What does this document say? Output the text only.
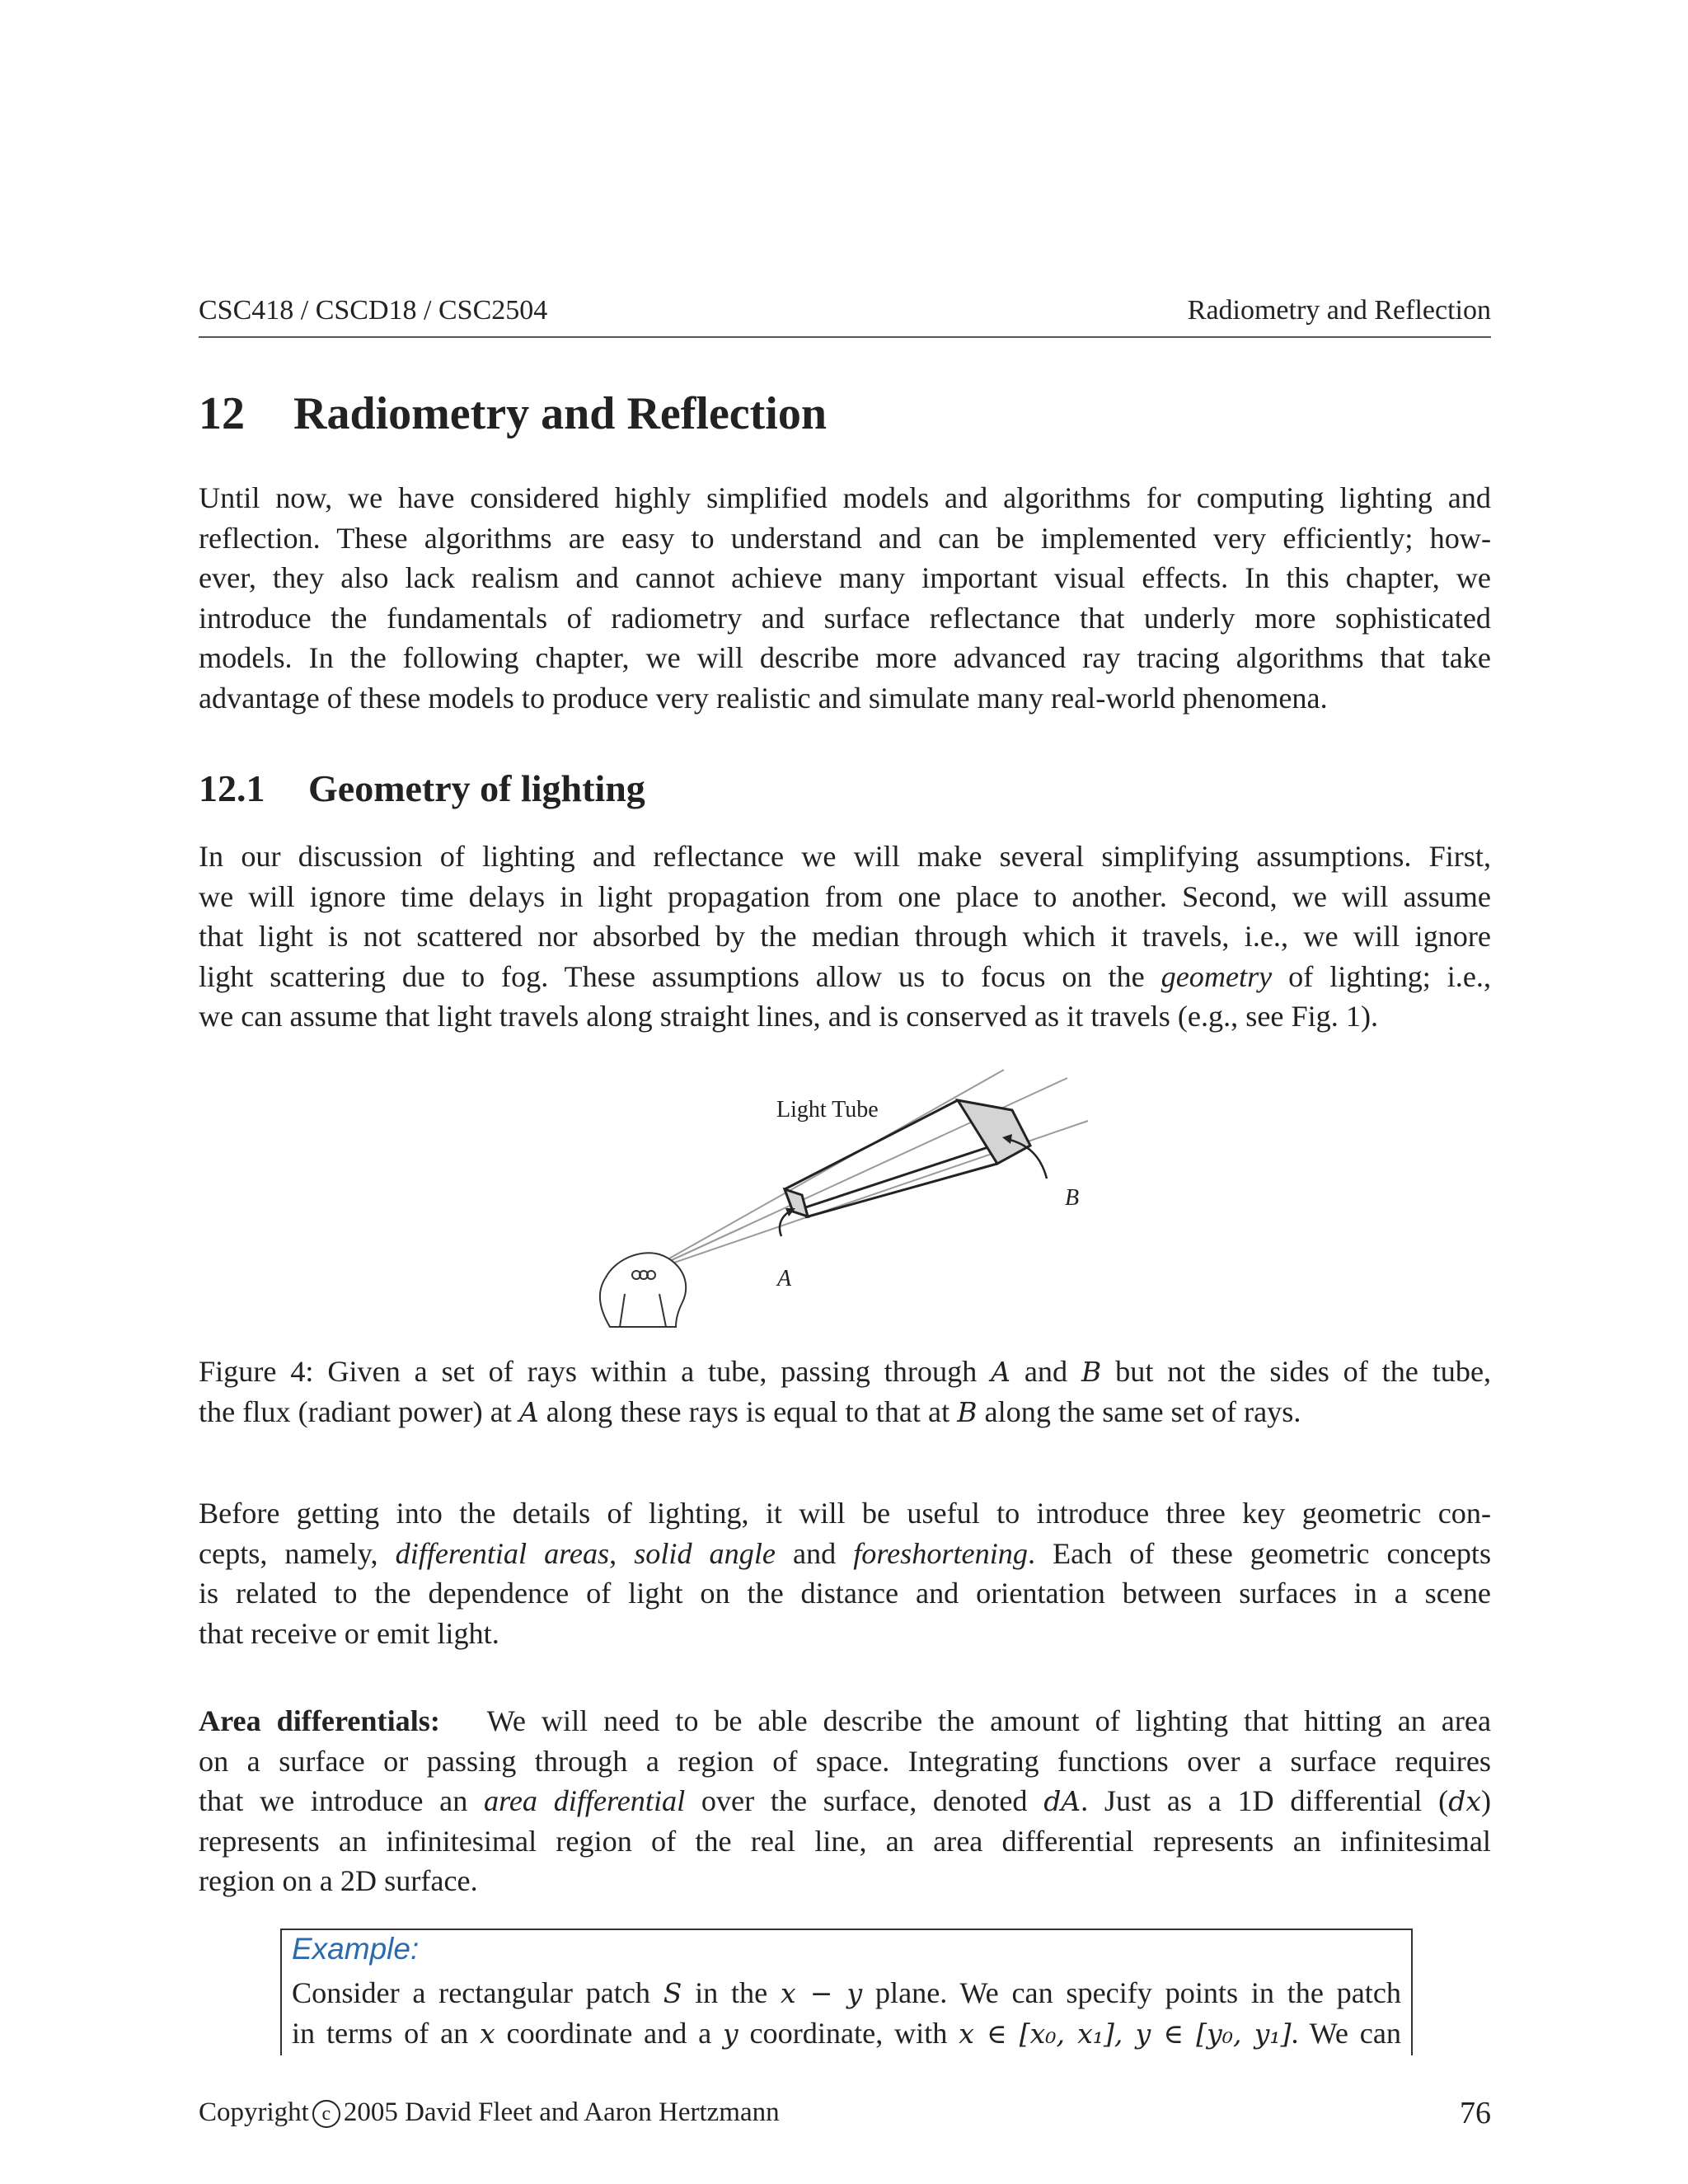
CSC418 / CSCD18 / CSC2504	Radiometry and Reflection
12 Radiometry and Reflection
Until now, we have considered highly simplified models and algorithms for computing lighting and
reflection. These algorithms are easy to understand and can be implemented very efficiently; how-
ever, they also lack realism and cannot achieve many important visual effects. In this chapter, we
introduce the fundamentals of radiometry and surface reflectance that underly more sophisticated
models. In the following chapter, we will describe more advanced ray tracing algorithms that take
advantage of these models to produce very realistic and simulate many real-world phenomena.
12.1 Geometry of lighting
In our discussion of lighting and reflectance we will make several simplifying assumptions. First,
we will ignore time delays in light propagation from one place to another. Second, we will assume
that light is not scattered nor absorbed by the median through which it travels, i.e., we will ignore
light scattering due to fog. These assumptions allow us to focus on the geometry of lighting; i.e.,
we can assume that light travels along straight lines, and is conserved as it travels (e.g., see Fig. 1).
A
B
Light Tube
Figure 4: Given a set of rays within a tube, passing through A and B but not the sides of the tube,
the flux (radiant power) at A along these rays is equal to that at B along the same set of rays.
Before getting into the details of lighting, it will be useful to introduce three key geometric con-
cepts, namely, differential areas, solid angle and foreshortening. Each of these geometric concepts
is related to the dependence of light on the distance and orientation between surfaces in a scene
that receive or emit light.
Area differentials: We will need to be able describe the amount of lighting that hitting an area
on a surface or passing through a region of space. Integrating functions over a surface requires
that we introduce an area differential over the surface, denoted dA. Just as a 1D differential (dx)
represents an infinitesimal region of the real line, an area differential represents an infinitesimal
region on a 2D surface.
Example:
Consider a rectangular patch S in the x − y plane. We can specify points in the patch
in terms of an x coordinate and a y coordinate, with x ∈ [x₀, x₁], y ∈ [y₀, y₁]. We can
Copyright c 2005 David Fleet and Aaron Hertzmann	76
